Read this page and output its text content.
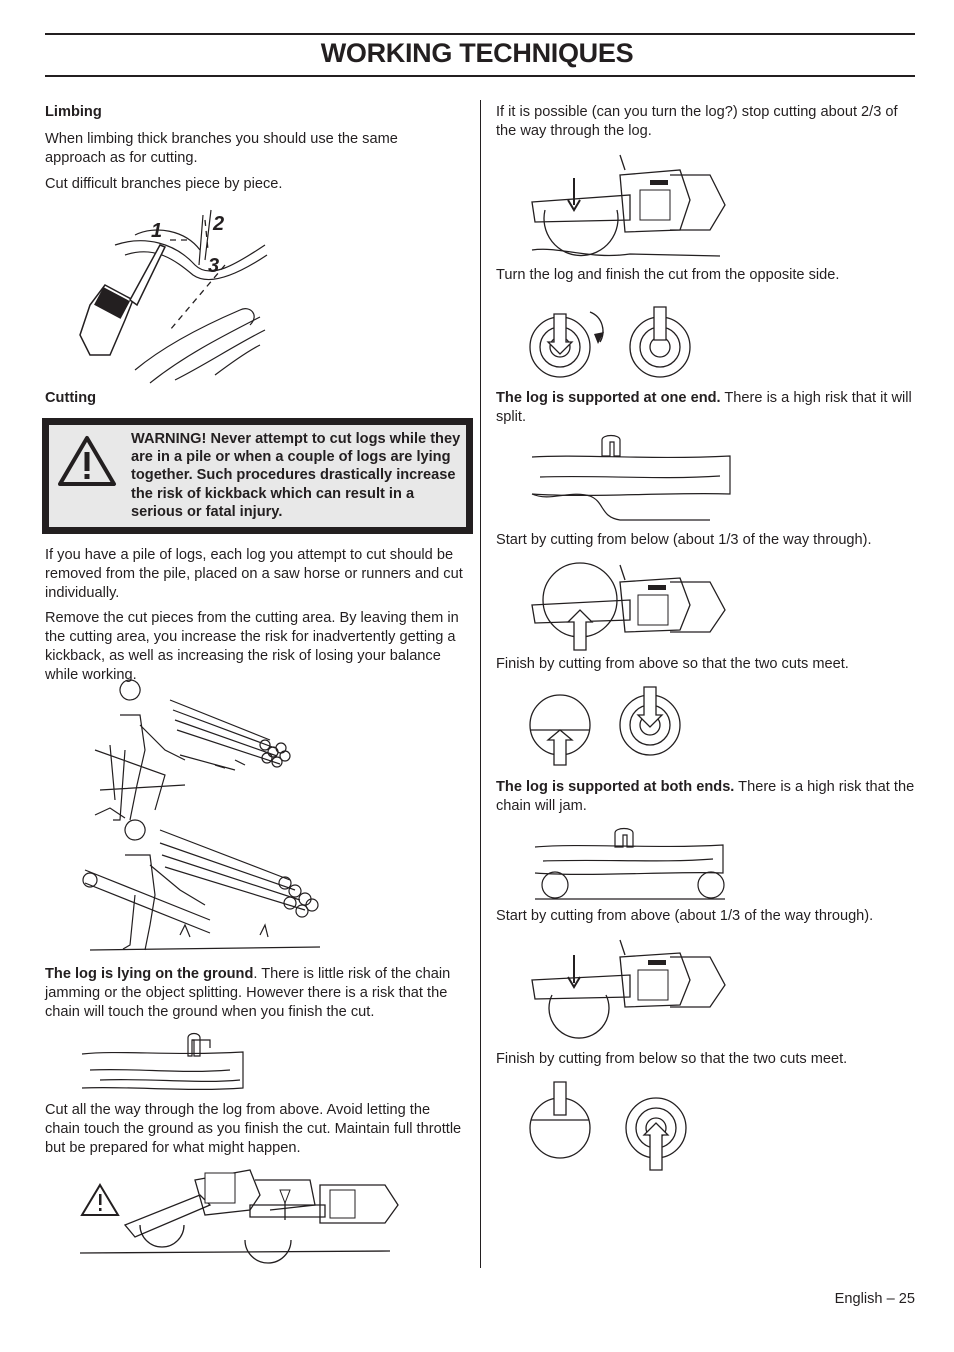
WORKING TECHNIQUES

Limbing

When limbing thick branches you should use the same approach as for cutting.

Cut difficult branches piece by piece.

1	2
3

Cutting

WARNING! Never attempt to cut logs while they are in a pile or when a couple of logs are lying together. Such procedures drastically increase the risk of kickback which can result in a serious or fatal injury.

If you have a pile of logs, each log you attempt to cut should be removed from the pile, placed on a saw horse or runners and cut individually.

Remove the cut pieces from the cutting area. By leaving them in the cutting area, you increase the risk for inadvertently getting a kickback, as well as increasing the risk of losing your balance while working.

The log is lying on the ground. There is little risk of the chain jamming or the object splitting. However there is a risk that the chain will touch the ground when you finish the cut.

Cut all the way through the log from above. Avoid letting the chain touch the ground as you finish the cut. Maintain full throttle but be prepared for what might happen.

If it is possible (can you turn the log?) stop cutting about 2/3 of the way through the log.

Turn the log and finish the cut from the opposite side.

The log is supported at one end. There is a high risk that it will split.

Start by cutting from below (about 1/3 of the way through).

Finish by cutting from above so that the two cuts meet.

The log is supported at both ends. There is a high risk that the chain will jam.

Start by cutting from above (about 1/3 of the way through).

Finish by cutting from below so that the two cuts meet.

English – 25
